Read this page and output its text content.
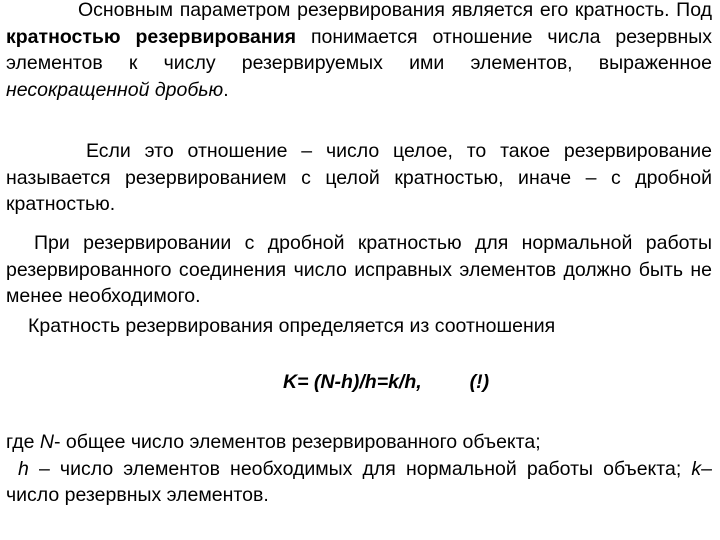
Основным параметром резервирования является его кратность. Под кратностью резервирования понимается отношение числа резервных элементов к числу резервируемых ими элементов, выраженное несокращенной дробью.

Если это отношение – число целое, то такое резервирование называется резервированием с целой кратностью, иначе – с дробной кратностью.

При резервировании с дробной кратностью для нормальной работы резервированного соединения число исправных элементов должно быть не менее необходимого.

Кратность резервирования определяется из соотношения

K= (N-h)/h=k/h, (!)

где N- общее число элементов резервированного объекта;
h – число элементов необходимых для нормальной работы объекта; k– число резервных элементов.
